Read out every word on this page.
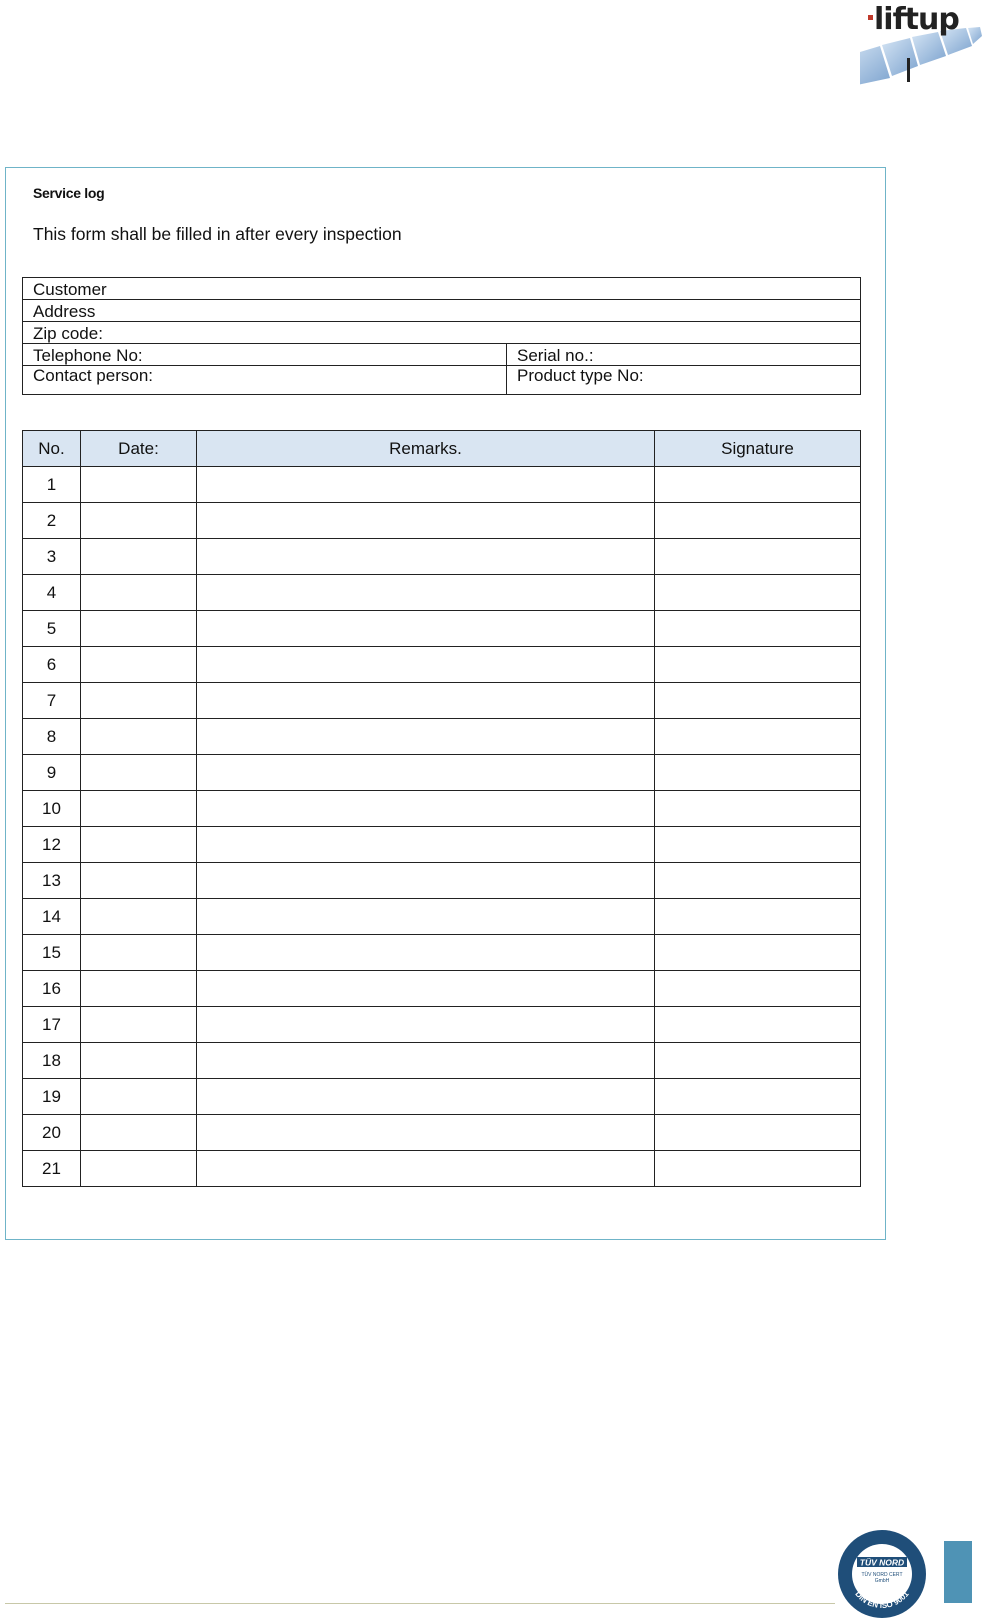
liftup
Service log
This form shall be filled in after every inspection
Customer	
Address	
Zip code:	
Telephone No:	Serial no.:
Contact person:	Product type No:
No.	Date:	Remarks.	Signature
1			
2			
3			
4			
5			
6			
7			
8			
9			
10			
12			
13			
14			
15			
16			
17			
18			
19			
20			
21			
TÜV NORD
TÜV NORD CERT
GmbH
DIN EN ISO 9001
